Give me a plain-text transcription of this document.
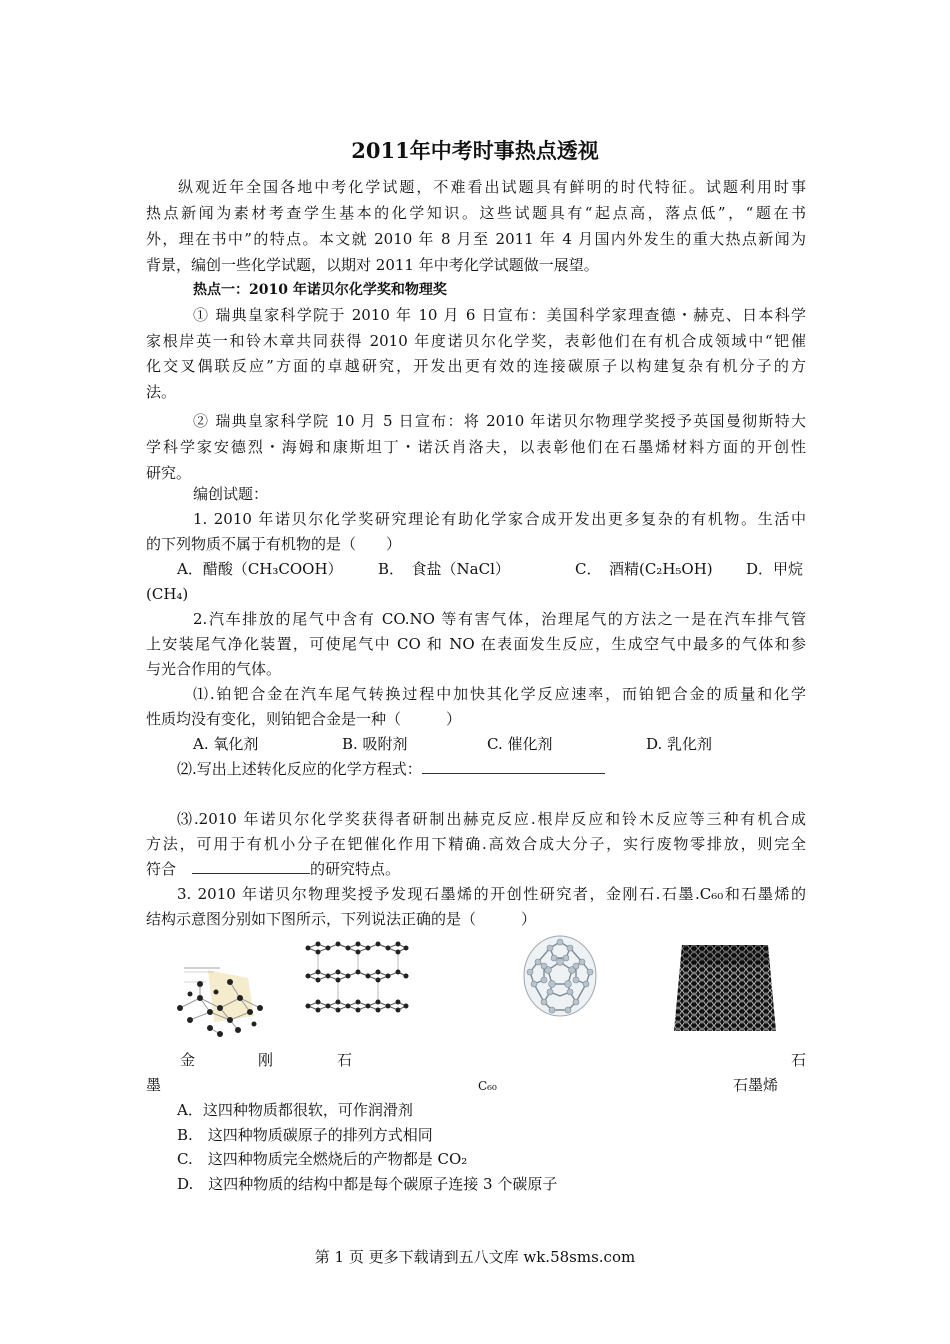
2011年中考时事热点透视
纵观近年全国各地中考化学试题，不难看出试题具有鲜明的时代特征。试题利用时事
热点新闻为素材考查学生基本的化学知识。这些试题具有“起点高，落点低”，“题在书
外，理在书中”的特点。本文就 2010 年 8 月至 2011 年 4 月国内外发生的重大热点新闻为
背景，编创一些化学试题，以期对 2011 年中考化学试题做一展望。
热点一：2010 年诺贝尔化学奖和物理奖
① 瑞典皇家科学院于 2010 年 10 月 6 日宣布：美国科学家理查德・赫克、日本科学
家根岸英一和铃木章共同获得 2010 年度诺贝尔化学奖，表彰他们在有机合成领域中“钯催
化交叉偶联反应”方面的卓越研究，开发出更有效的连接碳原子以构建复杂有机分子的方
法。
② 瑞典皇家科学院 10 月 5 日宣布：将 2010 年诺贝尔物理学奖授予英国曼彻斯特大
学科学家安德烈・海姆和康斯坦丁・诺沃肖洛夫，以表彰他们在石墨烯材料方面的开创性
研究。
编创试题：
1. 2010 年诺贝尔化学奖研究理论有助化学家合成开发出更多复杂的有机物。生活中
的下列物质不属于有机物的是（　　）
A．醋酸（CH₃COOH） B．　食盐（NaCl）	C．　酒精(C₂H₅OH) D．甲烷
(CH₄)
2.汽车排放的尾气中含有 CO.NO 等有害气体，治理尾气的方法之一是在汽车排气管
上安装尾气净化装置，可使尾气中 CO 和 NO 在表面发生反应，生成空气中最多的气体和参
与光合作用的气体。
⑴.铂钯合金在汽车尾气转换过程中加快其化学反应速率，而铂钯合金的质量和化学
性质均没有变化，则铂钯合金是一种（　　　）
A. 氧化剂	B. 吸附剂	C. 催化剂	D. 乳化剂
⑵.写出上述转化反应的化学方程式：
⑶.2010 年诺贝尔化学奖获得者研制出赫克反应.根岸反应和铃木反应等三种有机合成
方法，可用于有机小分子在钯催化作用下精确.高效合成大分子，实行废物零排放，则完全
符合	的研究特点。
3. 2010 年诺贝尔物理奖授予发现石墨烯的开创性研究者，金刚石.石墨.C₆₀和石墨烯的
结构示意图分别如下图所示，下列说法正确的是（　　　）
金	刚	石	石
墨	C₆₀	石墨烯
A．这四种物质都很软，可作润滑剂
B.　这四种物质碳原子的排列方式相同
C.　这四种物质完全燃烧后的产物都是 CO₂
D.　这四种物质的结构中都是每个碳原子连接 3 个碳原子
第 1 页 更多下载请到五八文库 wk.58sms.com
